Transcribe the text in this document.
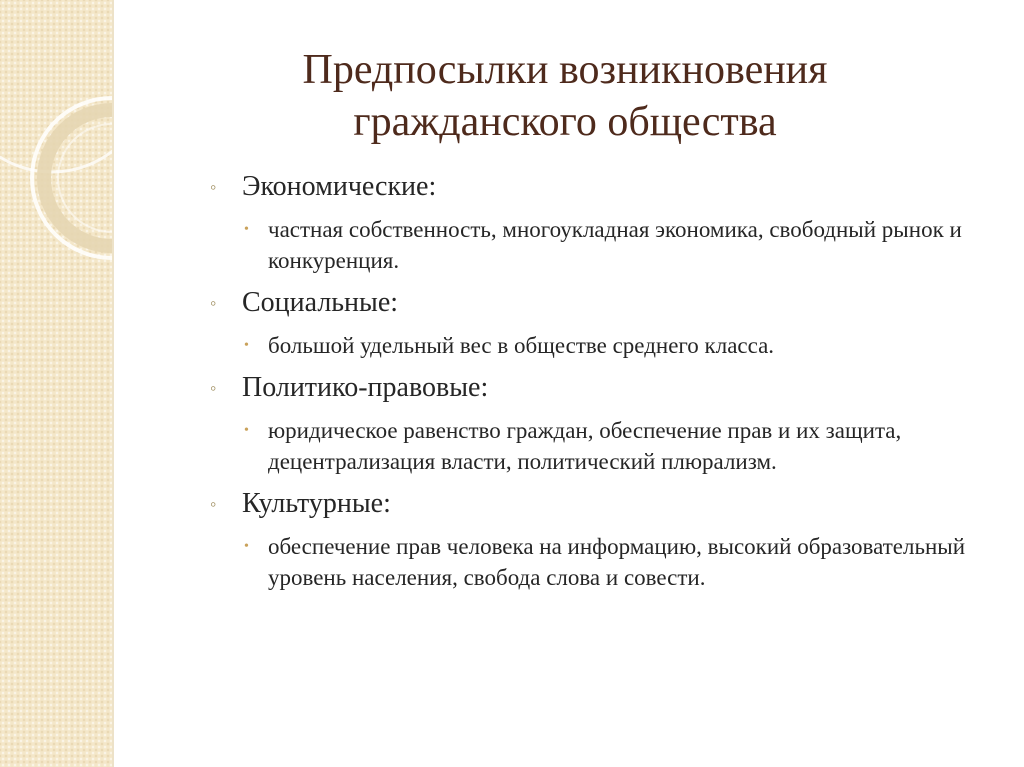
Предпосылки возникновения
гражданского общества

◦ Экономические:

• частная собственность, многоукладная экономика, свободный рынок и конкуренция.

◦ Социальные:

• большой удельный вес в обществе среднего класса.

◦ Политико-правовые:

• юридическое равенство граждан, обеспечение прав и их защита, децентрализация власти, политический плюрализм.

◦ Культурные:

• обеспечение прав человека на информацию, высокий образовательный уровень населения, свобода слова и совести.
